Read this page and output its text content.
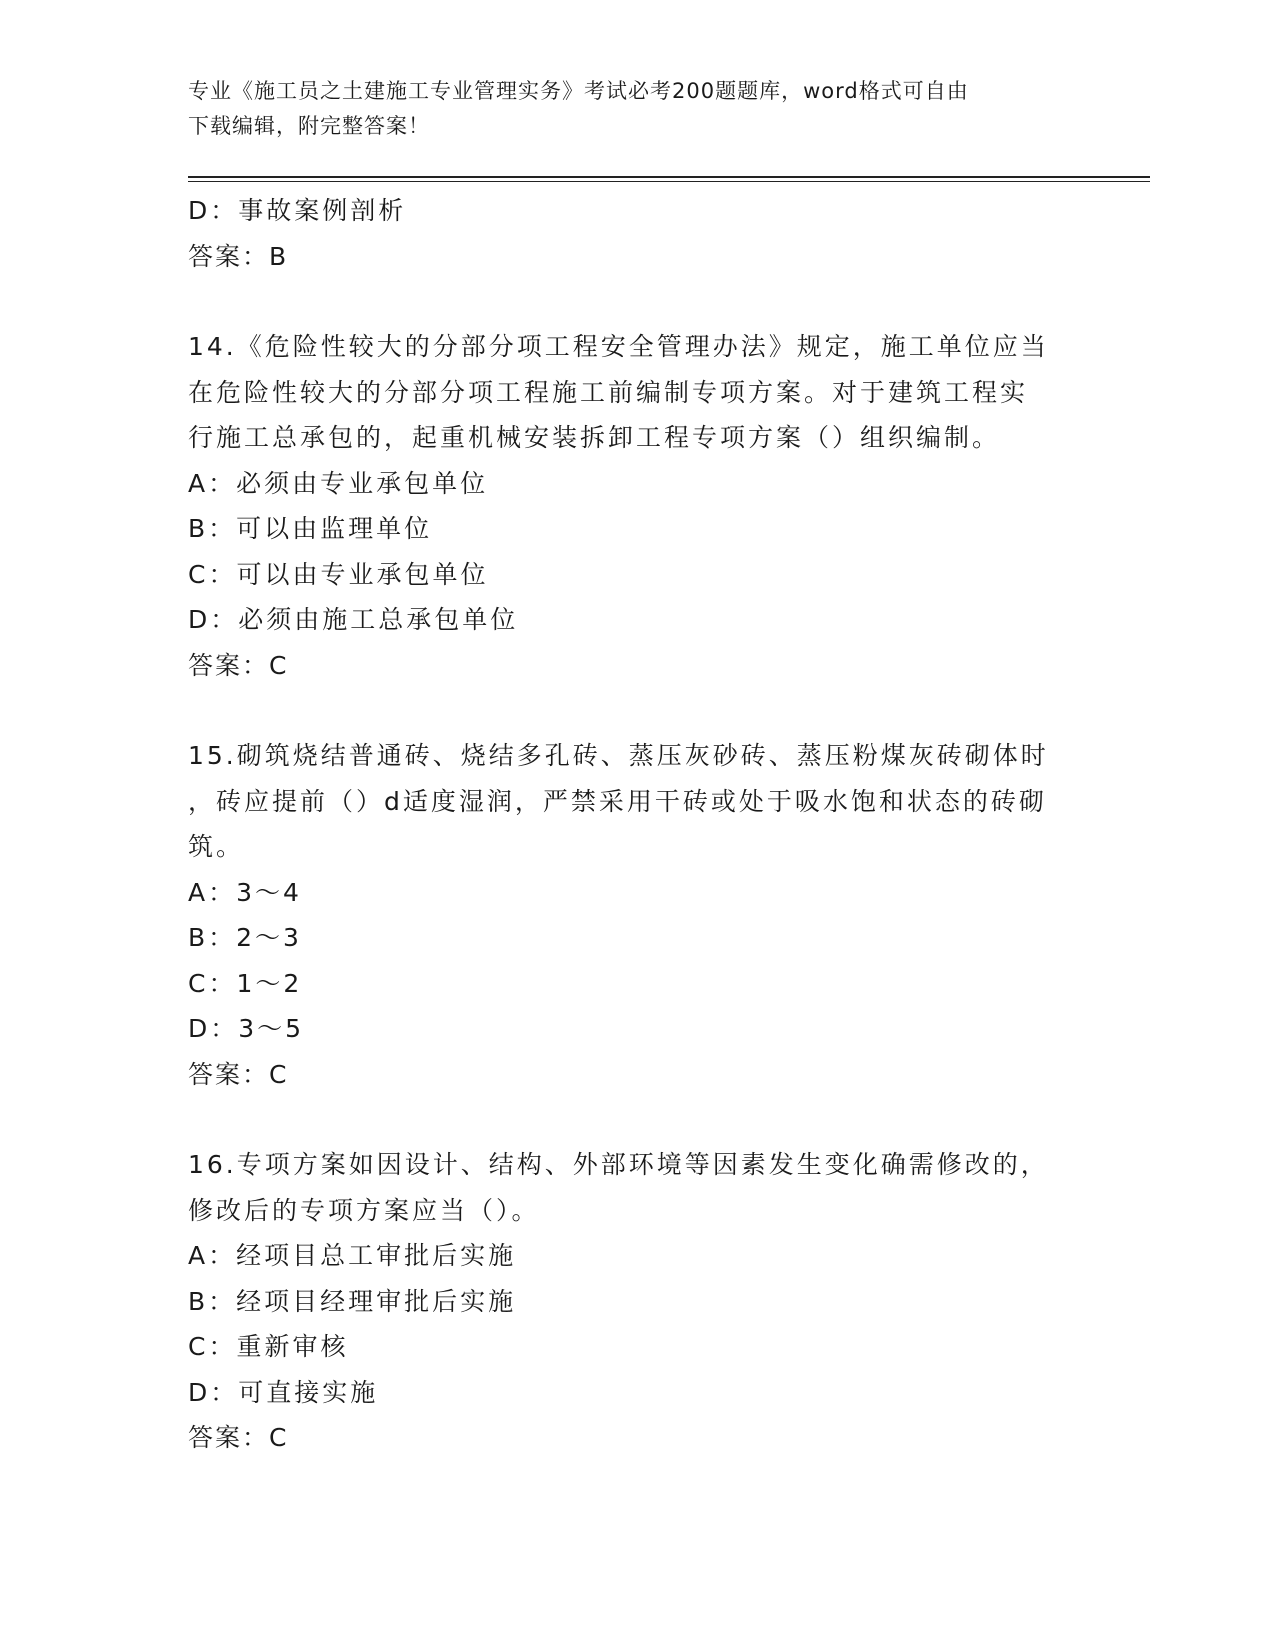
专业《施工员之土建施工专业管理实务》考试必考200题题库，word格式可自由
下载编辑，附完整答案！
D：事故案例剖析
答案：B
14.《危险性较大的分部分项工程安全管理办法》规定，施工单位应当
在危险性较大的分部分项工程施工前编制专项方案。对于建筑工程实
行施工总承包的，起重机械安装拆卸工程专项方案（）组织编制。
A：必须由专业承包单位
B：可以由监理单位
C：可以由专业承包单位
D：必须由施工总承包单位
答案：C
15.砌筑烧结普通砖、烧结多孔砖、蒸压灰砂砖、蒸压粉煤灰砖砌体时
，砖应提前（）d适度湿润，严禁采用干砖或处于吸水饱和状态的砖砌
筑。
A：3～4
B：2～3
C：1～2
D：3～5
答案：C
16.专项方案如因设计、结构、外部环境等因素发生变化确需修改的，
修改后的专项方案应当（）。
A：经项目总工审批后实施
B：经项目经理审批后实施
C：重新审核
D：可直接实施
答案：C
